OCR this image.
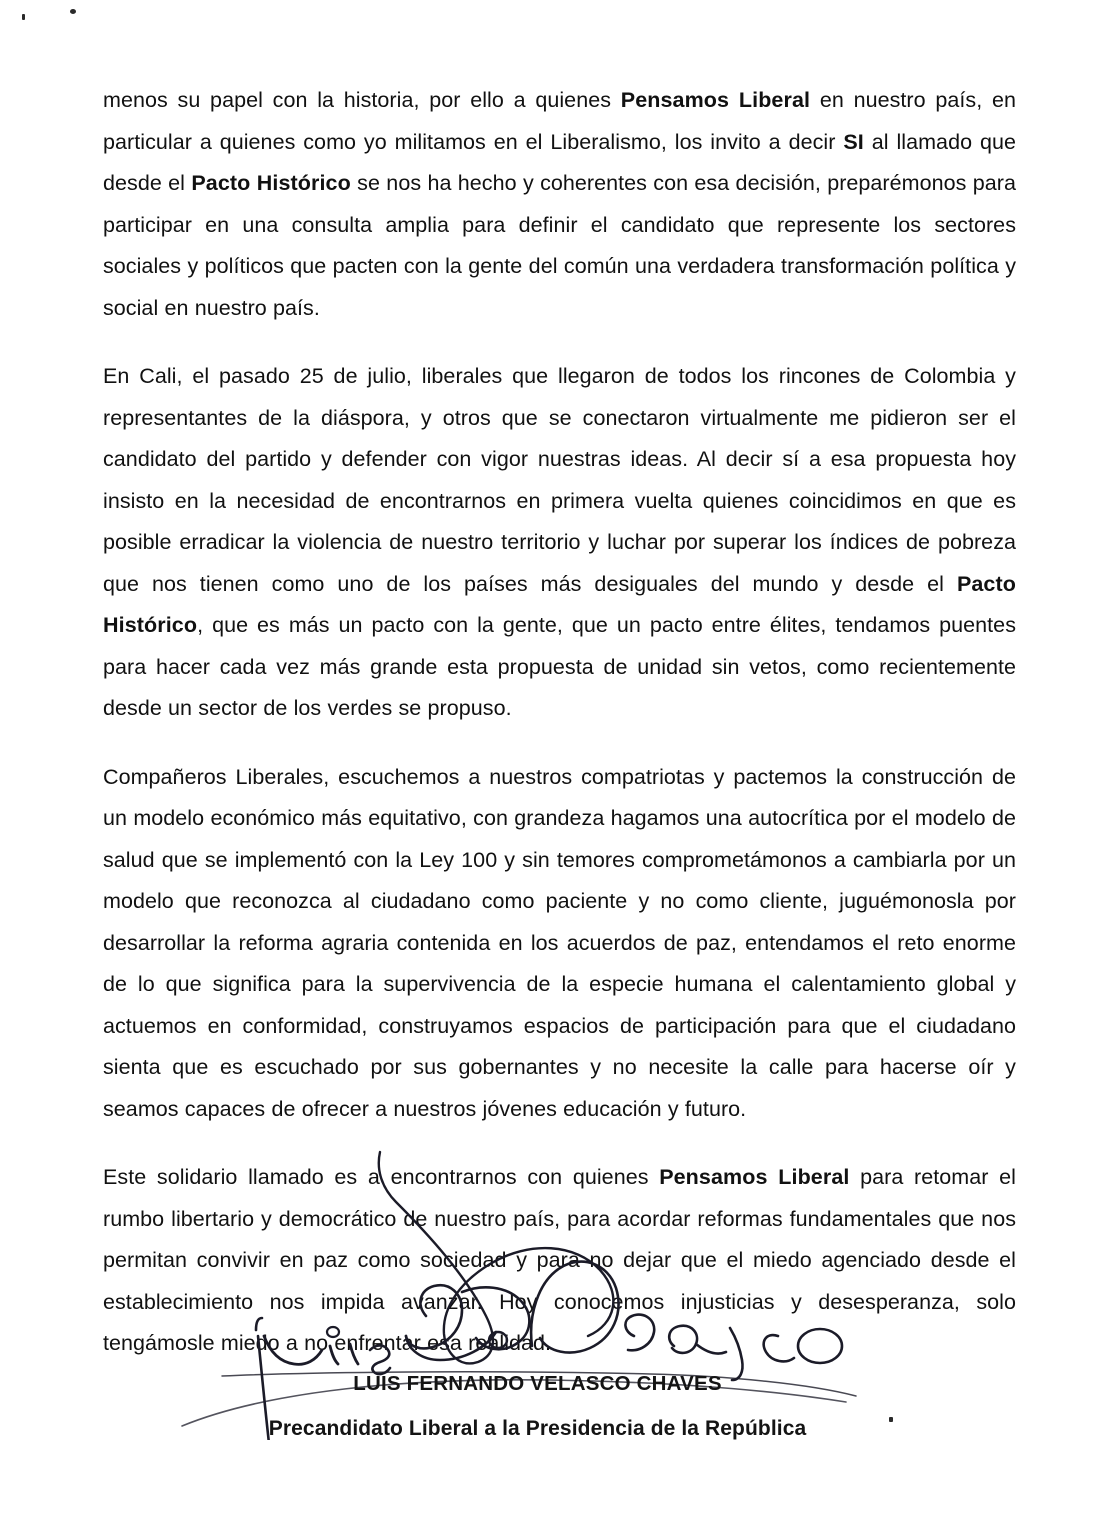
menos su papel con la historia, por ello a quienes Pensamos Liberal en nuestro país, en particular a quienes como yo militamos en el Liberalismo, los invito a decir SI al llamado que desde el Pacto Histórico se nos ha hecho y coherentes con esa decisión, preparémonos para participar en una consulta amplia para definir el candidato que represente los sectores sociales y políticos que pacten con la gente del común una verdadera transformación política y social en nuestro país.

En Cali, el pasado 25 de julio, liberales que llegaron de todos los rincones de Colombia y representantes de la diáspora, y otros que se conectaron virtualmente me pidieron ser el candidato del partido y defender con vigor nuestras ideas. Al decir sí a esa propuesta hoy insisto en la necesidad de encontrarnos en primera vuelta quienes coincidimos en que es posible erradicar la violencia de nuestro territorio y luchar por superar los índices de pobreza que nos tienen como uno de los países más desiguales del mundo y desde el Pacto Histórico, que es más un pacto con la gente, que un pacto entre élites, tendamos puentes para hacer cada vez más grande esta propuesta de unidad sin vetos, como recientemente desde un sector de los verdes se propuso.

Compañeros Liberales, escuchemos a nuestros compatriotas y pactemos la construcción de un modelo económico más equitativo, con grandeza hagamos una autocrítica por el modelo de salud que se implementó con la Ley 100 y sin temores comprometámonos a cambiarla por un modelo que reconozca al ciudadano como paciente y no como cliente, juguémonosla por desarrollar la reforma agraria contenida en los acuerdos de paz, entendamos el reto enorme de lo que significa para la supervivencia de la especie humana el calentamiento global y actuemos en conformidad, construyamos espacios de participación para que el ciudadano sienta que es escuchado por sus gobernantes y no necesite la calle para hacerse oír y seamos capaces de ofrecer a nuestros jóvenes educación y futuro.

Este solidario llamado es a encontrarnos con quienes Pensamos Liberal para retomar el rumbo libertario y democrático de nuestro país, para acordar reformas fundamentales que nos permitan convivir en paz como sociedad y para no dejar que el miedo agenciado desde el establecimiento nos impida avanzar. Hoy conocemos injusticias y desesperanza, solo tengámosle miedo a no enfrentar esa realidad.

LUIS FERNANDO VELASCO CHAVES
Precandidato Liberal a la Presidencia de la República
